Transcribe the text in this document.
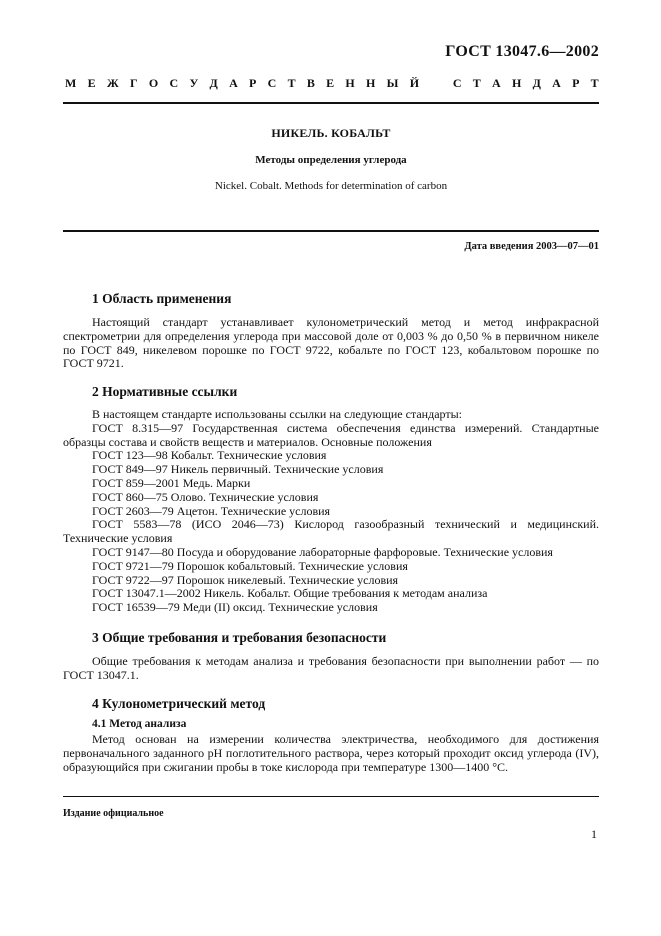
ГОСТ 13047.6—2002
М Е Ж Г О С У Д А Р С Т В Е Н Н Ы Й	С Т А Н Д А Р Т
НИКЕЛЬ. КОБАЛЬТ
Методы определения углерода
Nickel. Cobalt. Methods for determination of carbon
Дата введения 2003—07—01
1 Область применения
Настоящий стандарт устанавливает кулонометрический метод и метод инфракрасной спектрометрии для определения углерода при массовой доле от 0,003 % до 0,50 % в первичном никеле по ГОСТ 849, никелевом порошке по ГОСТ 9722, кобальте по ГОСТ 123, кобальтовом порошке по ГОСТ 9721.
2 Нормативные ссылки
В настоящем стандарте использованы ссылки на следующие стандарты:
ГОСТ 8.315—97 Государственная система обеспечения единства измерений. Стандартные образцы состава и свойств веществ и материалов. Основные положения
ГОСТ 123—98 Кобальт. Технические условия
ГОСТ 849—97 Никель первичный. Технические условия
ГОСТ 859—2001 Медь. Марки
ГОСТ 860—75 Олово. Технические условия
ГОСТ 2603—79 Ацетон. Технические условия
ГОСТ 5583—78 (ИСО 2046—73) Кислород газообразный технический и медицинский. Технические условия
ГОСТ 9147—80 Посуда и оборудование лабораторные фарфоровые. Технические условия
ГОСТ 9721—79 Порошок кобальтовый. Технические условия
ГОСТ 9722—97 Порошок никелевый. Технические условия
ГОСТ 13047.1—2002 Никель. Кобальт. Общие требования к методам анализа
ГОСТ 16539—79 Меди (II) оксид. Технические условия
3 Общие требования и требования безопасности
Общие требования к методам анализа и требования безопасности при выполнении работ — по ГОСТ 13047.1.
4 Кулонометрический метод
4.1 Метод анализа
Метод основан на измерении количества электричества, необходимого для достижения первоначального заданного pH поглотительного раствора, через который проходит оксид углерода (IV), образующийся при сжигании пробы в токе кислорода при температуре 1300—1400 °С.
Издание официальное
1
